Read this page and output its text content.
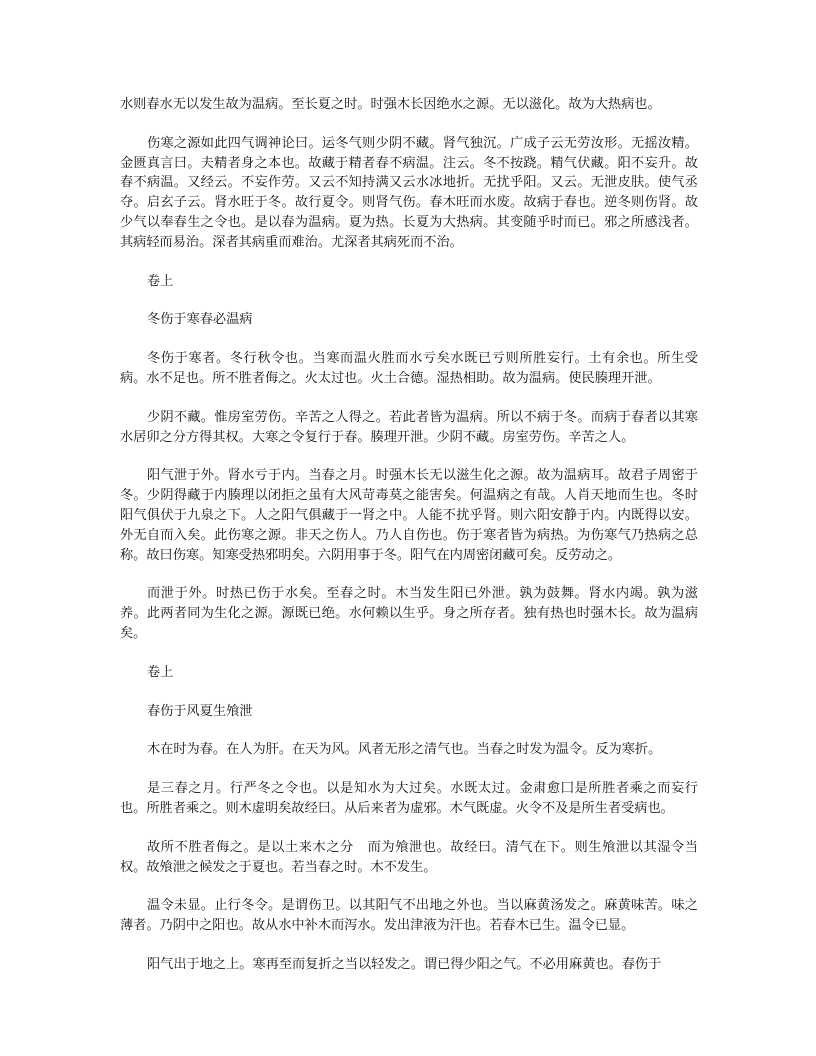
水则春水无以发生故为温病。至长夏之时。时强木长因绝水之源。无以滋化。故为大热病也。

伤寒之源如此四气调神论曰。运冬气则少阴不藏。肾气独沉。广成子云无劳汝形。无摇汝精。金匮真言曰。夫精者身之本也。故藏于精者春不病温。注云。冬不按跷。精气伏藏。阳不妄升。故春不病温。又经云。不妄作劳。又云不知持满又云水冰地折。无扰乎阳。又云。无泄皮肤。使气丞夺。启玄子云。肾水旺于冬。故行夏令。则肾气伤。春木旺而水废。故病于春也。逆冬则伤肾。故少气以奉春生之令也。是以春为温病。夏为热。长夏为大热病。其变随乎时而已。邪之所感浅者。其病轻而易治。深者其病重而难治。尤深者其病死而不治。

卷上
冬伤于寒春必温病

冬伤于寒者。冬行秋令也。当寒而温火胜而水亏矣水既已亏则所胜妄行。土有余也。所生受病。水不足也。所不胜者侮之。火太过也。火土合德。湿热相助。故为温病。使民腠理开泄。

少阴不藏。惟房室劳伤。辛苦之人得之。若此者皆为温病。所以不病于冬。而病于春者以其寒水居卯之分方得其权。大寒之令复行于春。腠理开泄。少阴不藏。房室劳伤。辛苦之人。

阳气泄于外。肾水亏于内。当春之月。时强木长无以滋生化之源。故为温病耳。故君子周密于冬。少阴得藏于内腠理以闭拒之虽有大风苛毒莫之能害矣。何温病之有哉。人肖天地而生也。冬时阳气俱伏于九泉之下。人之阳气俱藏于一肾之中。人能不扰乎肾。则六阳安静于内。内既得以安。外无自而入矣。此伤寒之源。非天之伤人。乃人自伤也。伤于寒者皆为病热。为伤寒气乃热病之总称。故曰伤寒。知寒受热邪明矣。六阴用事于冬。阳气在内周密闭藏可矣。反劳动之。

而泄于外。时热已伤于水矣。至春之时。木当发生阳已外泄。孰为鼓舞。肾水内竭。孰为滋养。此两者同为生化之源。源既已绝。水何赖以生乎。身之所存者。独有热也时强木长。故为温病矣。

卷上
春伤于风夏生飧泄

木在时为春。在人为肝。在天为风。风者无形之清气也。当春之时发为温令。反为寒折。

是三春之月。行严冬之令也。以是知水为大过矣。水既太过。金肃愈囗是所胜者乘之而妄行也。所胜者乘之。则木虚明矣故经曰。从后来者为虚邪。木气既虚。火令不及是所生者受病也。

故所不胜者侮之。是以土来木之分　而为飧泄也。故经曰。清气在下。则生飧泄以其湿令当权。故飧泄之候发之于夏也。若当春之时。木不发生。

温令未显。止行冬令。是谓伤卫。以其阳气不出地之外也。当以麻黄汤发之。麻黄味苦。味之薄者。乃阴中之阳也。故从水中补木而泻水。发出津液为汗也。若春木已生。温令已显。

阳气出于地之上。寒再至而复折之当以轻发之。谓已得少阳之气。不必用麻黄也。春伤于
